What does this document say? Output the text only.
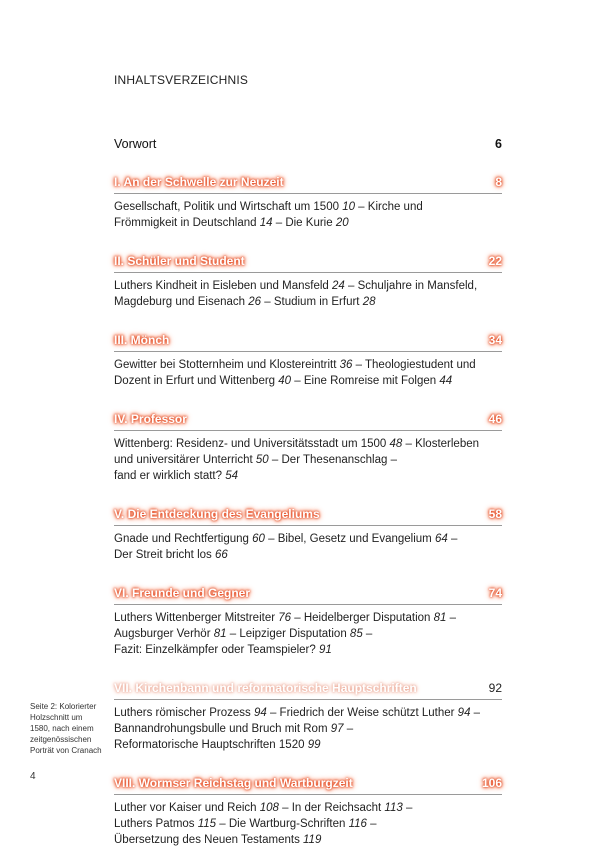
INHALTSVERZEICHNIS
Vorwort	6
I. An der Schwelle zur Neuzeit	8
Gesellschaft, Politik und Wirtschaft um 1500 10 – Kirche und
Frömmigkeit in Deutschland 14 – Die Kurie 20
II. Schüler und Student	22
Luthers Kindheit in Eisleben und Mansfeld 24 – Schuljahre in Mansfeld,
Magdeburg und Eisenach 26 – Studium in Erfurt 28
III. Mönch	34
Gewitter bei Stotternheim und Klostereintritt 36 – Theologiestudent und
Dozent in Erfurt und Wittenberg 40 – Eine Romreise mit Folgen 44
IV. Professor	46
Wittenberg: Residenz- und Universitätsstadt um 1500 48 – Klosterleben
und universitärer Unterricht 50 – Der Thesenanschlag –
fand er wirklich statt? 54
V. Die Entdeckung des Evangeliums	58
Gnade und Rechtfertigung 60 – Bibel, Gesetz und Evangelium 64 –
Der Streit bricht los 66
VI. Freunde und Gegner	74
Luthers Wittenberger Mitstreiter 76 – Heidelberger Disputation 81 –
Augsburger Verhör 81 – Leipziger Disputation 85 –
Fazit: Einzelkämpfer oder Teamspieler? 91
VII. Kirchenbann und reformatorische Hauptschriften	92
Luthers römischer Prozess 94 – Friedrich der Weise schützt Luther 94 –
Bannandrohungsbulle und Bruch mit Rom 97 –
Reformatorische Hauptschriften 1520 99
VIII. Wormser Reichstag und Wartburgzeit	106
Luther vor Kaiser und Reich 108 – In der Reichsacht 113 –
Luthers Patmos 115 – Die Wartburg-Schriften 116 –
Übersetzung des Neuen Testaments 119
Seite 2: Kolorierter
Holzschnitt um
1580, nach einem
zeitgenössischen
Porträt von Cranach
4
